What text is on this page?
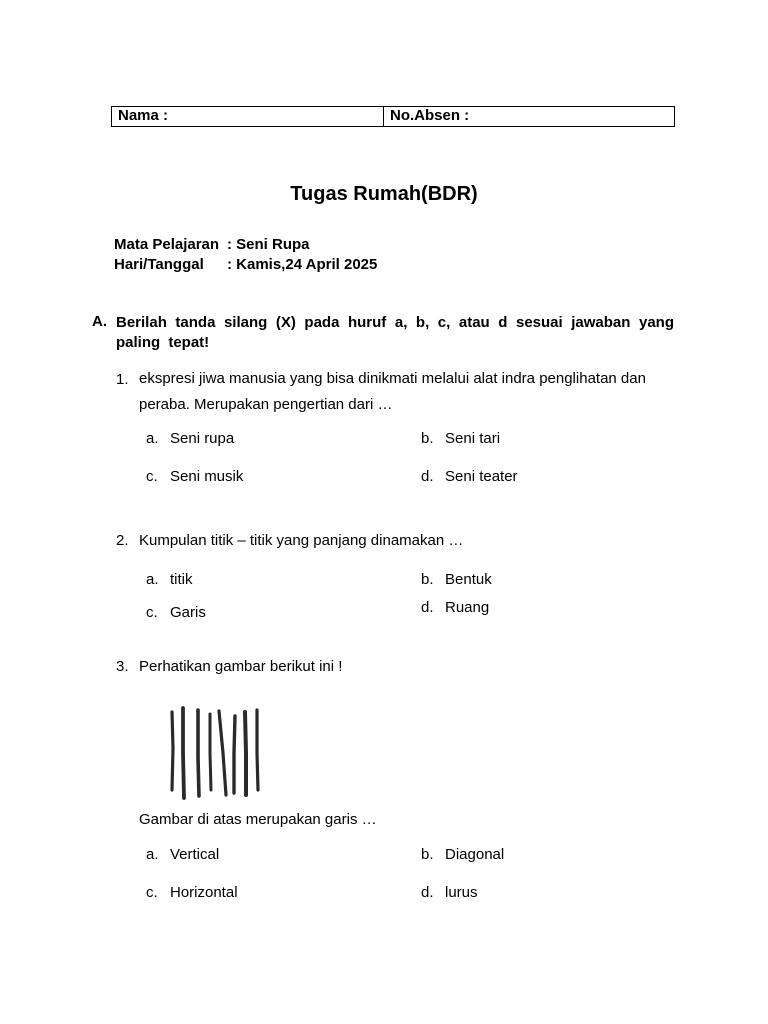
Nama :	No.Absen :
Tugas Rumah(BDR)
Mata Pelajaran : Seni Rupa
Hari/Tanggal : Kamis,24 April 2025
A. Berilah tanda silang (X) pada huruf a, b, c, atau d sesuai jawaban yang paling tepat!
1. ekspresi jiwa manusia yang bisa dinikmati melalui alat indra penglihatan dan peraba. Merupakan pengertian dari …
a. Seni rupa	b. Seni tari
c. Seni musik	d. Seni teater
2. Kumpulan titik – titik yang panjang dinamakan …
a. titik	b. Bentuk
c. Garis	d. Ruang
3. Perhatikan gambar berikut ini !
Gambar di atas merupakan garis …
a. Vertical	b. Diagonal
c. Horizontal	d. lurus
